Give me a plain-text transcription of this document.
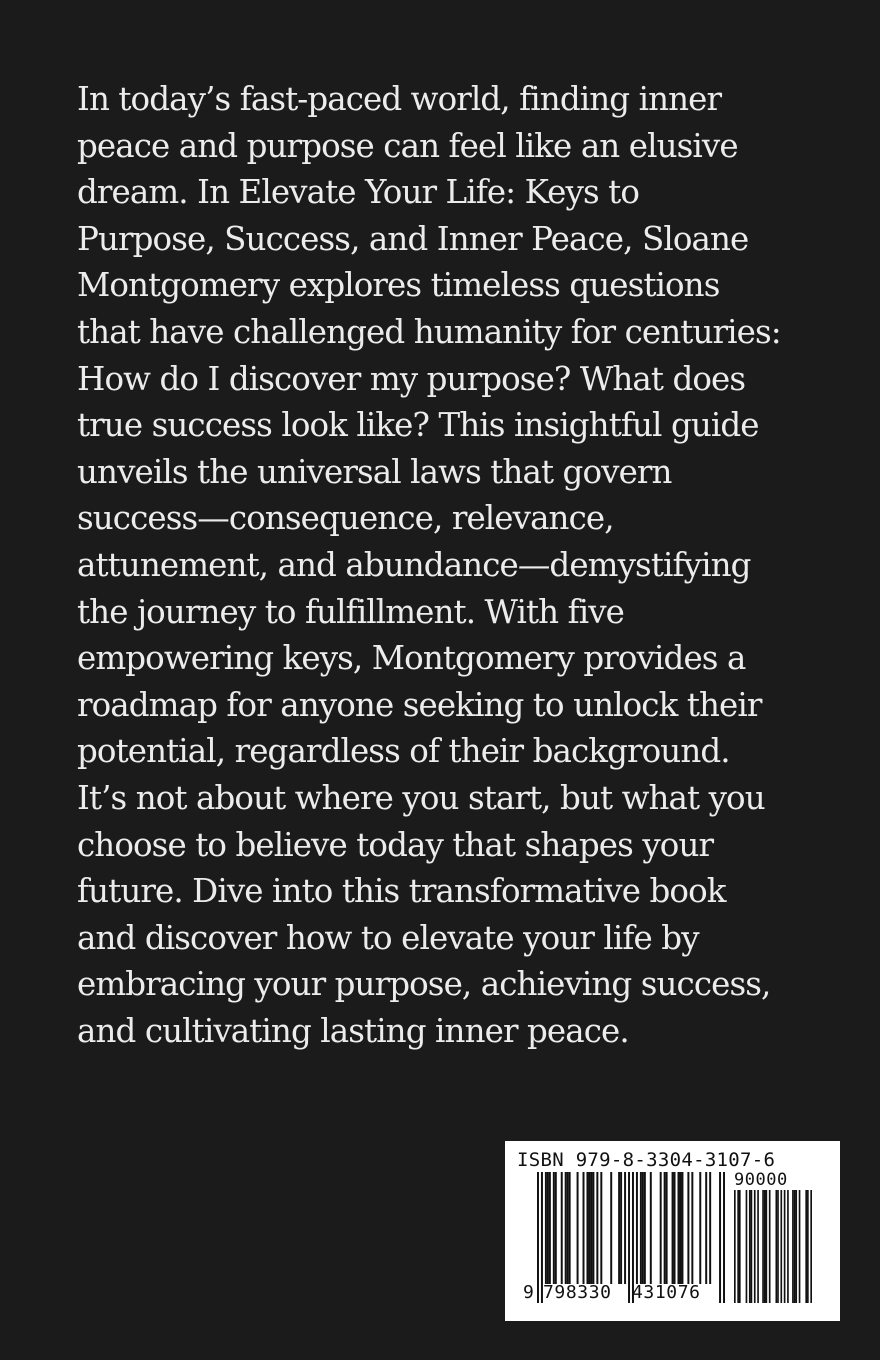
In today’s fast-paced world, finding inner
peace and purpose can feel like an elusive
dream. In Elevate Your Life: Keys to
Purpose, Success, and Inner Peace, Sloane
Montgomery explores timeless questions
that have challenged humanity for centuries:
How do I discover my purpose? What does
true success look like? This insightful guide
unveils the universal laws that govern
success—consequence, relevance,
attunement, and abundance—demystifying
the journey to fulfillment. With five
empowering keys, Montgomery provides a
roadmap for anyone seeking to unlock their
potential, regardless of their background.
It’s not about where you start, but what you
choose to believe today that shapes your
future. Dive into this transformative book
and discover how to elevate your life by
embracing your purpose, achieving success,
and cultivating lasting inner peace.
ISBN 979-8-3304-3107-6
90000
9 798330 431076
